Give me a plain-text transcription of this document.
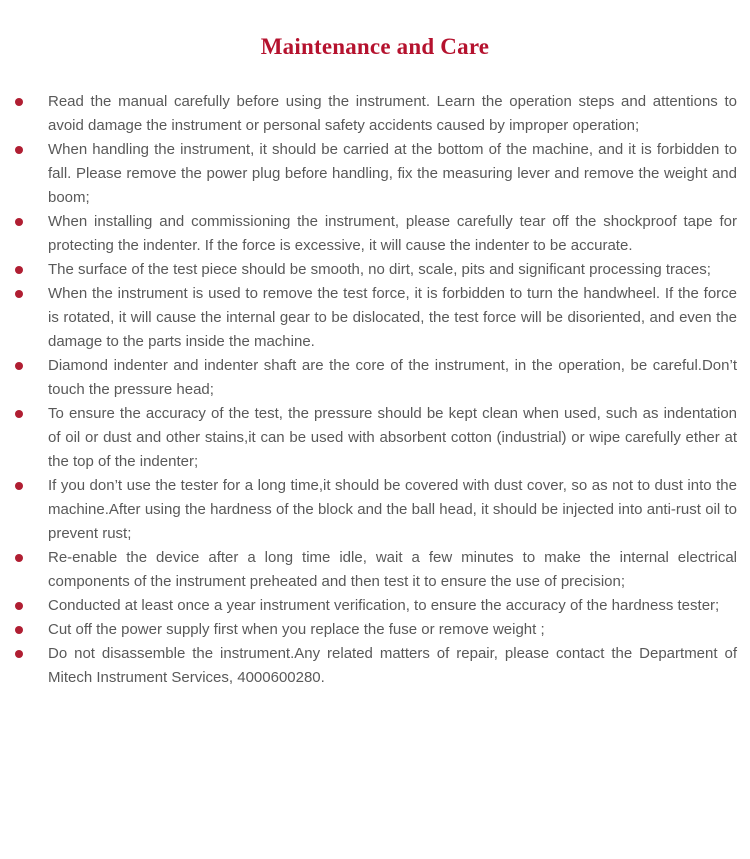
Maintenance and Care
Read the manual carefully before using the instrument. Learn the operation steps and attentions to avoid damage the instrument or personal safety accidents caused by improper operation;
When handling the instrument, it should be carried at the bottom of the machine, and it is forbidden to fall. Please remove the power plug before handling, fix the measuring lever and remove the weight and boom;
When installing and commissioning the instrument, please carefully tear off the shockproof tape for protecting the indenter. If the force is excessive, it will cause the indenter to be accurate.
The surface of the test piece should be smooth, no dirt, scale, pits and significant processing traces;
When the instrument is used to remove the test force, it is forbidden to turn the handwheel. If the force is rotated, it will cause the internal gear to be dislocated, the test force will be disoriented, and even the damage to the parts inside the machine.
Diamond indenter and indenter shaft are the core of the instrument, in the operation, be careful.Don’t touch the pressure head;
To ensure the accuracy of the test, the pressure should be kept clean when used, such as indentation of oil or dust and other stains,it can be used with absorbent cotton (industrial) or wipe carefully ether at the top of the indenter;
If you don’t use the tester for a long time,it should be covered with dust cover, so as not to dust into the machine.After using the hardness of the block and the ball head, it should be injected into anti-rust oil to prevent rust;
Re-enable the device after a long time idle, wait a few minutes to make the internal electrical components of the instrument preheated and then test it to ensure the use of precision;
Conducted at least once a year instrument verification, to ensure the accuracy of the hardness tester;
Cut off the power supply first when you replace the fuse or remove weight ;
Do not disassemble the instrument.Any related matters of repair, please contact the Department of Mitech Instrument Services, 4000600280.
